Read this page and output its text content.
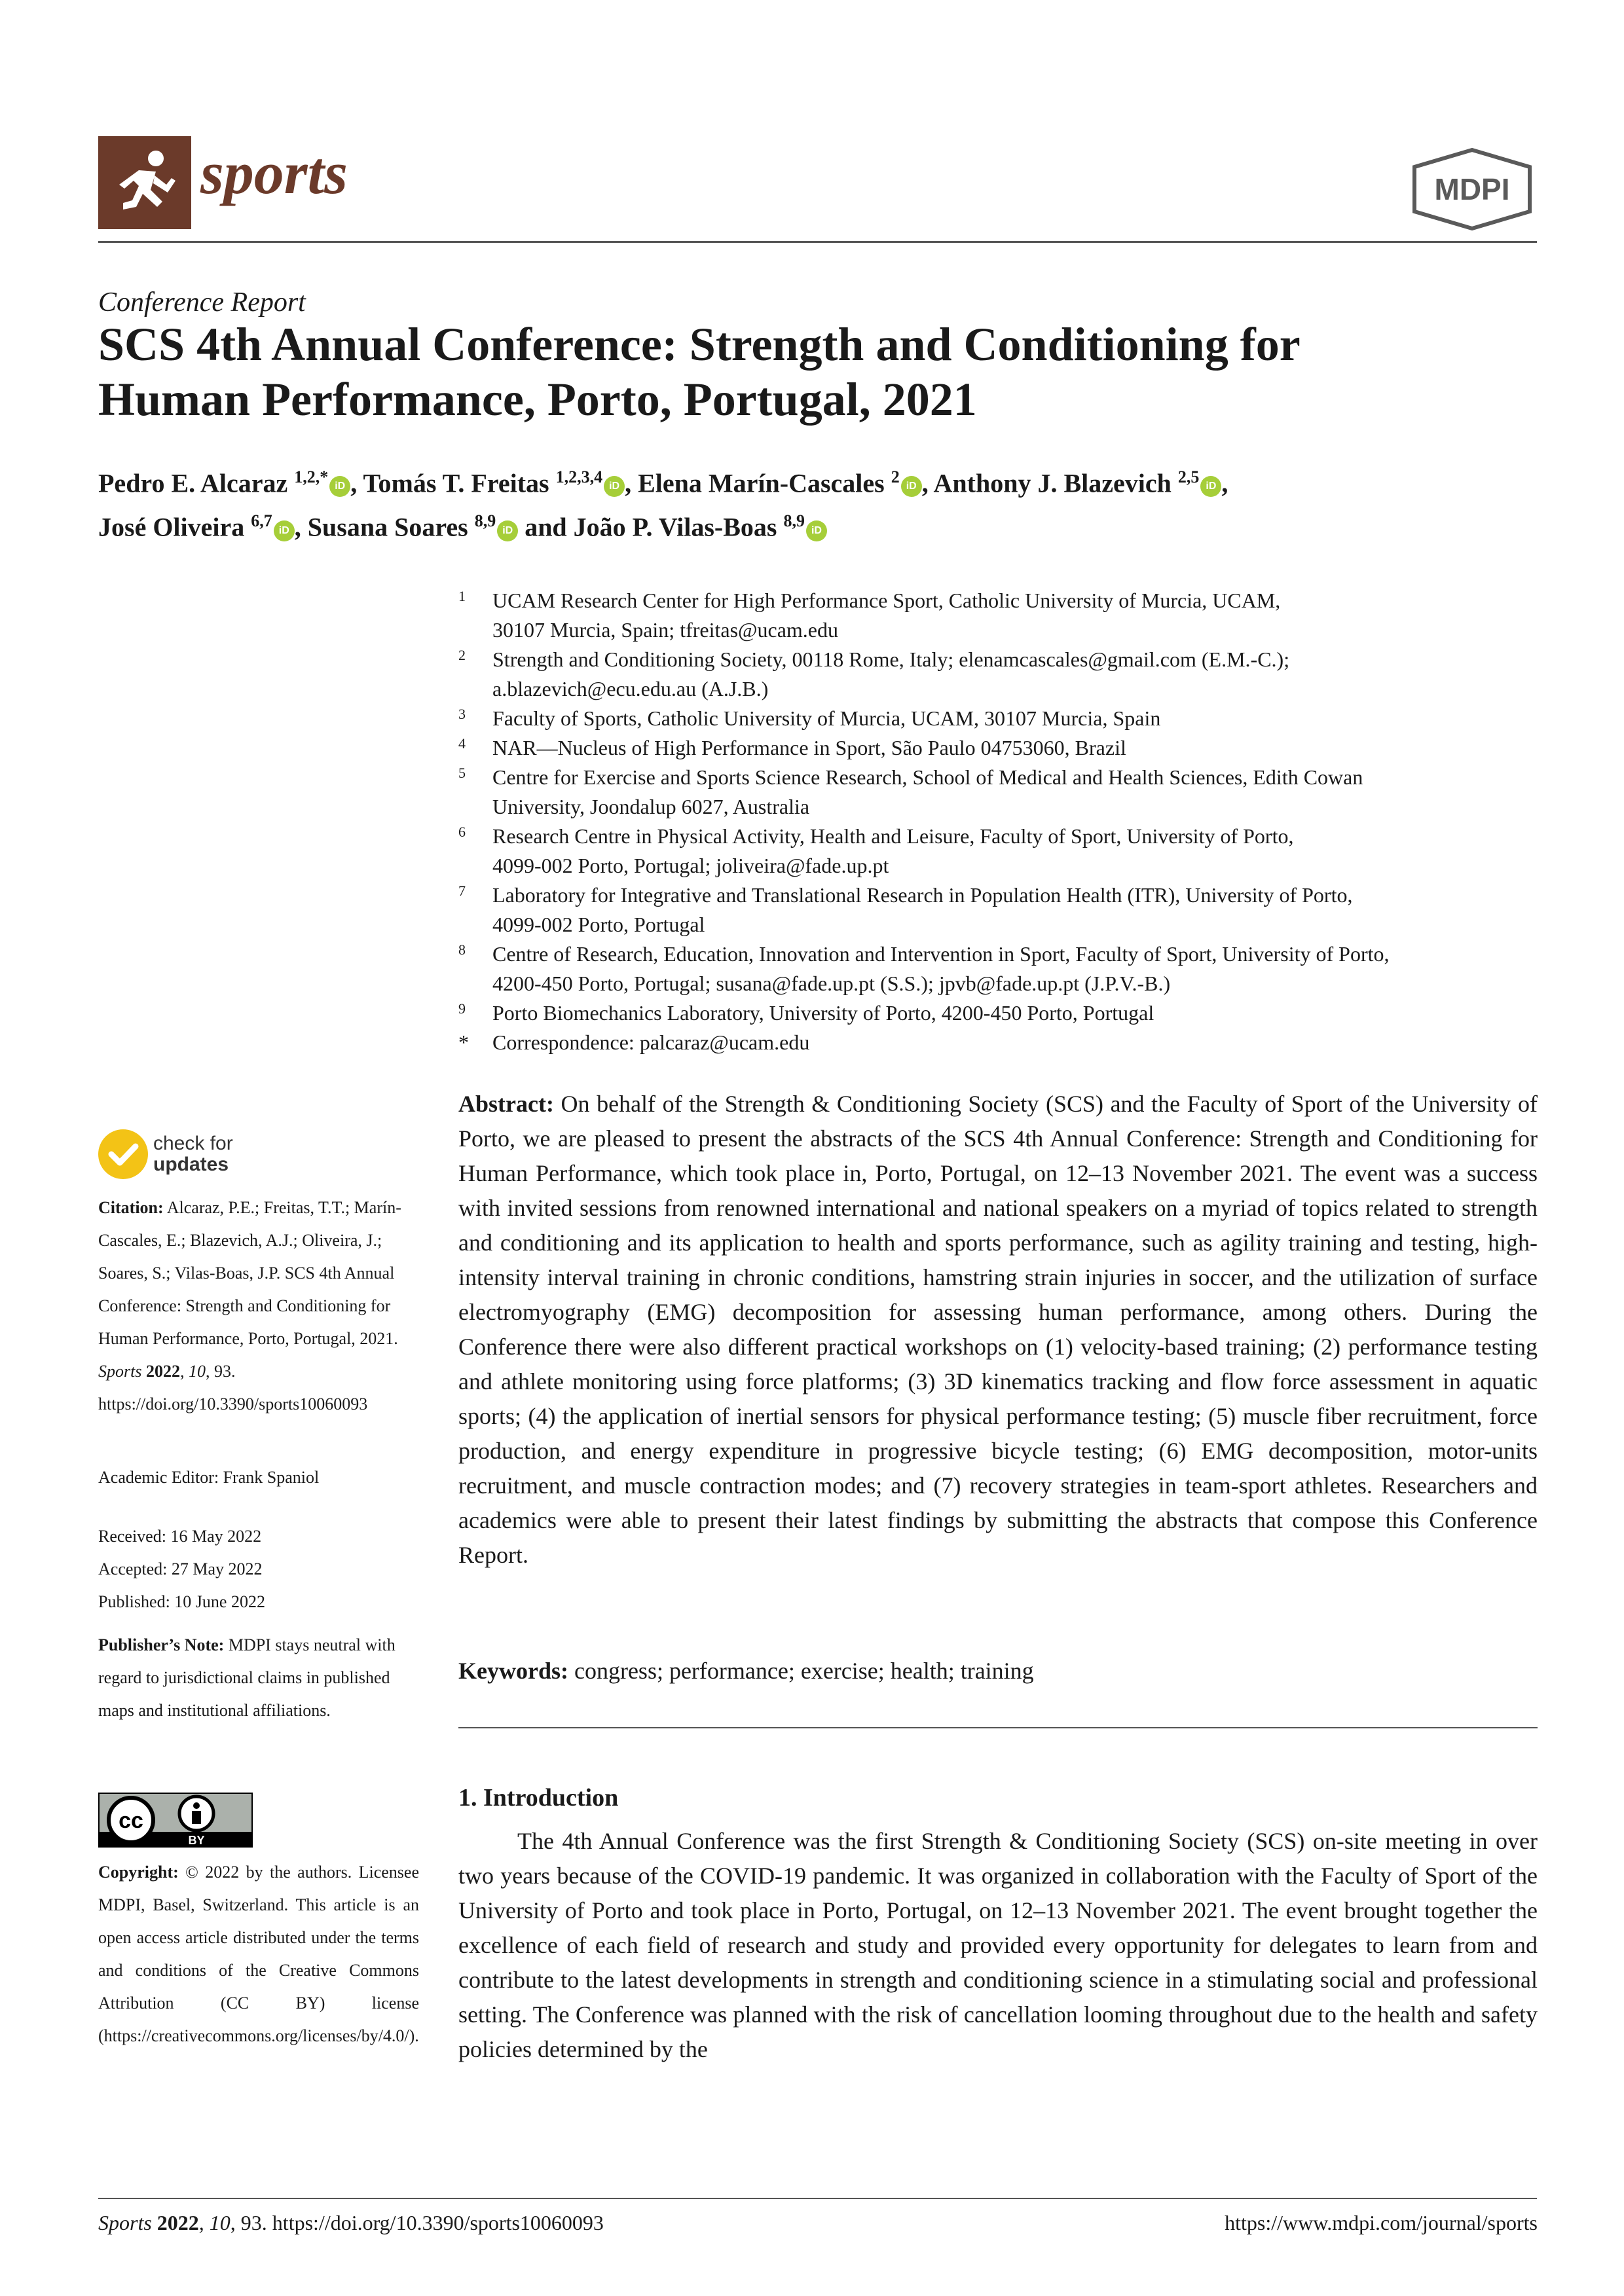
sports	MDPI
Conference Report
SCS 4th Annual Conference: Strength and Conditioning for
Human Performance, Porto, Portugal, 2021
Pedro E. Alcaraz $^{1,2,*}$ iD , Tomás T. Freitas $^{1,2,3,4}$ iD , Elena Marín-Cascales $^2$ iD , Anthony J. Blazevich $^{2,5}$ iD ,
José Oliveira $^{6,7}$ iD , Susana Soares $^{8,9}$ iD and João P. Vilas-Boas $^{8,9}$ iD
1	UCAM Research Center for High Performance Sport, Catholic University of Murcia, UCAM,
30107 Murcia, Spain; tfreitas@ucam.edu
2	Strength and Conditioning Society, 00118 Rome, Italy; elenamcascales@gmail.com (E.M.-C.);
a.blazevich@ecu.edu.au (A.J.B.)
3	Faculty of Sports, Catholic University of Murcia, UCAM, 30107 Murcia, Spain
4	NAR—Nucleus of High Performance in Sport, São Paulo 04753060, Brazil
5	Centre for Exercise and Sports Science Research, School of Medical and Health Sciences, Edith Cowan
University, Joondalup 6027, Australia
6	Research Centre in Physical Activity, Health and Leisure, Faculty of Sport, University of Porto,
4099-002 Porto, Portugal; joliveira@fade.up.pt
7	Laboratory for Integrative and Translational Research in Population Health (ITR), University of Porto,
4099-002 Porto, Portugal
8	Centre of Research, Education, Innovation and Intervention in Sport, Faculty of Sport, University of Porto,
4200-450 Porto, Portugal; susana@fade.up.pt (S.S.); jpvb@fade.up.pt (J.P.V.-B.)
9	Porto Biomechanics Laboratory, University of Porto, 4200-450 Porto, Portugal
*	Correspondence: palcaraz@ucam.edu
check for
updates
Citation: Alcaraz, P.E.; Freitas, T.T.; Marín-Cascales, E.; Blazevich, A.J.; Oliveira, J.; Soares, S.; Vilas-Boas, J.P. SCS 4th Annual Conference: Strength and Conditioning for Human Performance, Porto, Portugal, 2021. Sports 2022, 10, 93. https://doi.org/10.3390/sports10060093
Academic Editor: Frank Spaniol
Received: 16 May 2022
Accepted: 27 May 2022
Published: 10 June 2022
Publisher’s Note: MDPI stays neutral with regard to jurisdictional claims in published maps and institutional affiliations.
cc
BY
Copyright: © 2022 by the authors. Licensee MDPI, Basel, Switzerland. This article is an open access article distributed under the terms and conditions of the Creative Commons Attribution (CC BY) license (https://creativecommons.org/licenses/by/4.0/).
Abstract: On behalf of the Strength & Conditioning Society (SCS) and the Faculty of Sport of the University of Porto, we are pleased to present the abstracts of the SCS 4th Annual Conference: Strength and Conditioning for Human Performance, which took place in, Porto, Portugal, on 12–13 November 2021. The event was a success with invited sessions from renowned international and national speakers on a myriad of topics related to strength and conditioning and its application to health and sports performance, such as agility training and testing, high-intensity interval training in chronic conditions, hamstring strain injuries in soccer, and the utilization of surface electromyography (EMG) decomposition for assessing human performance, among others. During the Conference there were also different practical workshops on (1) velocity-based training; (2) performance testing and athlete monitoring using force platforms; (3) 3D kinematics tracking and flow force assessment in aquatic sports; (4) the application of inertial sensors for physical performance testing; (5) muscle fiber recruitment, force production, and energy expenditure in progressive bicycle testing; (6) EMG decomposition, motor-units recruitment, and muscle contraction modes; and (7) recovery strategies in team-sport athletes. Researchers and academics were able to present their latest findings by submitting the abstracts that compose this Conference Report.
Keywords: congress; performance; exercise; health; training
1. Introduction
The 4th Annual Conference was the first Strength & Conditioning Society (SCS) on-site meeting in over two years because of the COVID-19 pandemic. It was organized in collaboration with the Faculty of Sport of the University of Porto and took place in Porto, Portugal, on 12–13 November 2021. The event brought together the excellence of each field of research and study and provided every opportunity for delegates to learn from and contribute to the latest developments in strength and conditioning science in a stimulating social and professional setting. The Conference was planned with the risk of cancellation looming throughout due to the health and safety policies determined by the
Sports 2022, 10, 93. https://doi.org/10.3390/sports10060093	https://www.mdpi.com/journal/sports
